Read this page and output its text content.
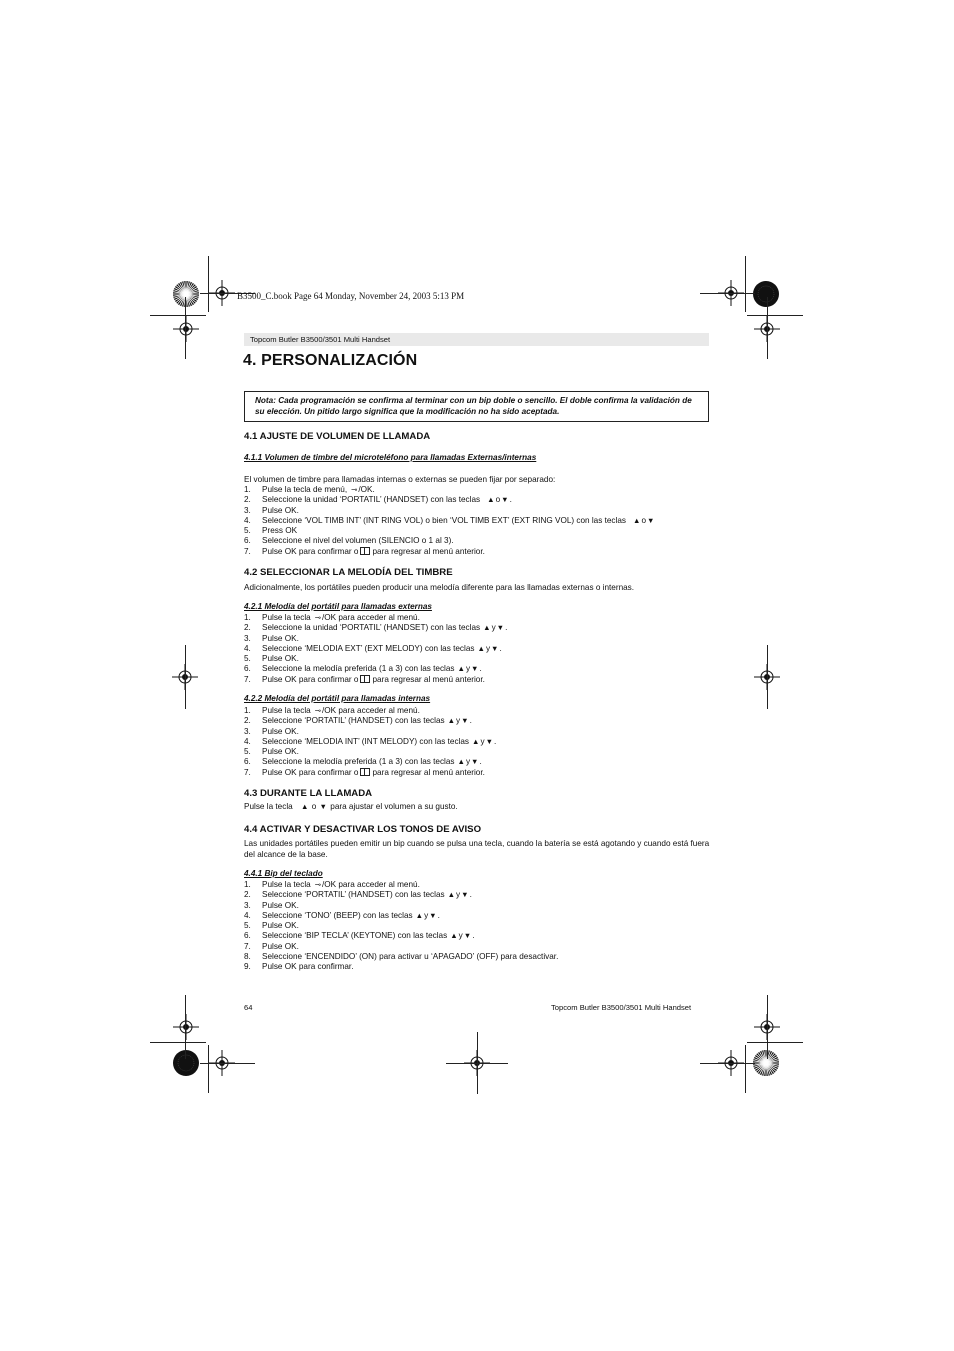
B3500_C.book Page 64 Monday, November 24, 2003 5:13 PM
Topcom Butler B3500/3501 Multi Handset
4. PERSONALIZACIÓN

Nota: Cada programación se confirma al terminar con un bip doble o sencillo. El doble confirma la validación de su elección. Un pitido largo significa que la modificación no ha sido aceptada.

4.1 AJUSTE DE VOLUMEN DE LLAMADA
4.1.1 Volumen de timbre del microteléfono para llamadas Externas/internas
El volumen de timbre para llamadas internas o externas se pueden fijar por separado:
1. Pulse la tecla de menú, ⊸/OK.
2. Seleccione la unidad ‘PORTATIL’ (HANDSET) con las teclas ▲o▼.
3. Pulse OK.
4. Seleccione ‘VOL TIMB INT’ (INT RING VOL) o bien ‘VOL TIMB EXT’ (EXT RING VOL) con las teclas ▲o▼
5. Press OK
6. Seleccione el nivel del volumen (SILENCIO o 1 al 3).
7. Pulse OK para confirmar o para regresar al menú anterior.
4.2 SELECCIONAR LA MELODÍA DEL TIMBRE
Adicionalmente, los portátiles pueden producir una melodía diferente para las llamadas externas o internas.
4.2.1 Melodía del portátil para llamadas externas
1. Pulse la tecla ⊸/OK para acceder al menú.
2. Seleccione la unidad ‘PORTATIL’ (HANDSET) con las teclas ▲y▼.
3. Pulse OK.
4. Seleccione ‘MELODIA EXT’ (EXT MELODY) con las teclas ▲y▼.
5. Pulse OK.
6. Seleccione la melodía preferida (1 a 3) con las teclas ▲y▼.
7. Pulse OK para confirmar o para regresar al menú anterior.
4.2.2 Melodía del portátil para llamadas internas
1. Pulse la tecla ⊸/OK para acceder al menú.
2. Seleccione ‘PORTATIL’ (HANDSET) con las teclas ▲y▼.
3. Pulse OK.
4. Seleccione ‘MELODIA INT’ (INT MELODY) con las teclas ▲y▼.
5. Pulse OK.
6. Seleccione la melodía preferida (1 a 3) con las teclas ▲y▼.
7. Pulse OK para confirmar o para regresar al menú anterior.
4.3 DURANTE LA LLAMADA
Pulse la tecla ▲ o ▼ para ajustar el volumen a su gusto.
4.4 ACTIVAR Y DESACTIVAR LOS TONOS DE AVISO
Las unidades portátiles pueden emitir un bip cuando se pulsa una tecla, cuando la batería se está agotando y cuando está fuera del alcance de la base.
4.4.1 Bip del teclado
1. Pulse la tecla ⊸/OK para acceder al menú.
2. Seleccione ‘PORTATIL’ (HANDSET) con las teclas ▲y▼.
3. Pulse OK.
4. Seleccione ‘TONO’ (BEEP) con las teclas ▲y▼.
5. Pulse OK.
6. Seleccione ‘BIP TECLA’ (KEYTONE) con las teclas ▲y▼.
7. Pulse OK.
8. Seleccione ‘ENCENDIDO’ (ON) para activar u ‘APAGADO’ (OFF) para desactivar.
9. Pulse OK para confirmar.
64	Topcom Butler B3500/3501 Multi Handset
